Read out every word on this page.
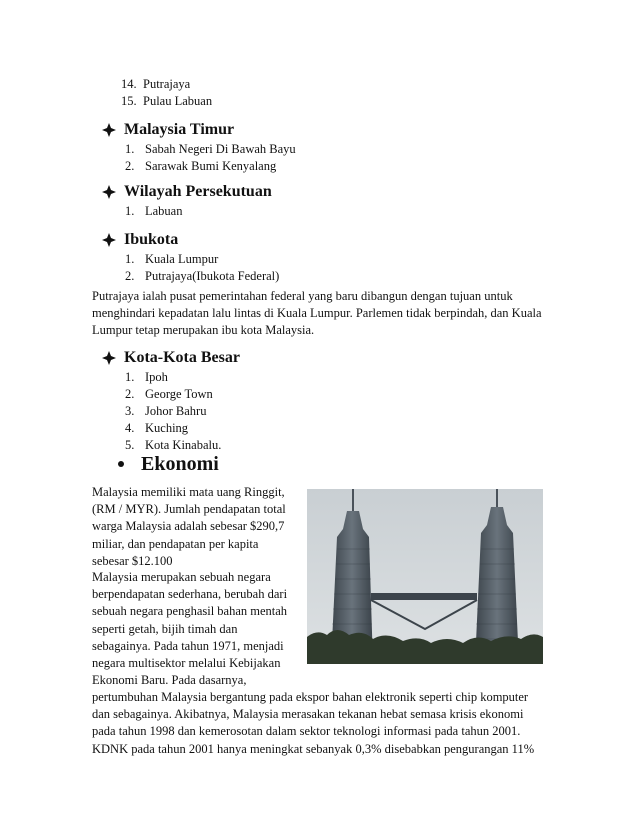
14. Putrajaya
15. Pulau Labuan
Malaysia Timur
1. Sabah Negeri Di Bawah Bayu
2. Sarawak Bumi Kenyalang
Wilayah Persekutuan
1. Labuan
Ibukota
1. Kuala Lumpur
2. Putrajaya(Ibukota Federal)
Putrajaya ialah pusat pemerintahan federal yang baru dibangun dengan tujuan untuk
menghindari kepadatan lalu lintas di Kuala Lumpur. Parlemen tidak berpindah, dan Kuala
Lumpur tetap merupakan ibu kota Malaysia.
Kota-Kota Besar
1. Ipoh
2. George Town
3. Johor Bahru
4. Kuching
5. Kota Kinabalu.
Ekonomi
Malaysia memiliki mata uang Ringgit,
(RM / MYR). Jumlah pendapatan total
warga Malaysia adalah sebesar $290,7
miliar, dan pendapatan per kapita
sebesar $12.100
Malaysia merupakan sebuah negara
berpendapatan sederhana, berubah dari
sebuah negara penghasil bahan mentah
seperti getah, bijih timah dan
sebagainya. Pada tahun 1971, menjadi
negara multisektor melalui Kebijakan
Ekonomi Baru. Pada dasarnya,
pertumbuhan Malaysia bergantung pada ekspor bahan elektronik seperti chip komputer
dan sebagainya. Akibatnya, Malaysia merasakan tekanan hebat semasa krisis ekonomi
pada tahun 1998 dan kemerosotan dalam sektor teknologi informasi pada tahun 2001.
KDNK pada tahun 2001 hanya meningkat sebanyak 0,3% disebabkan pengurangan 11%
